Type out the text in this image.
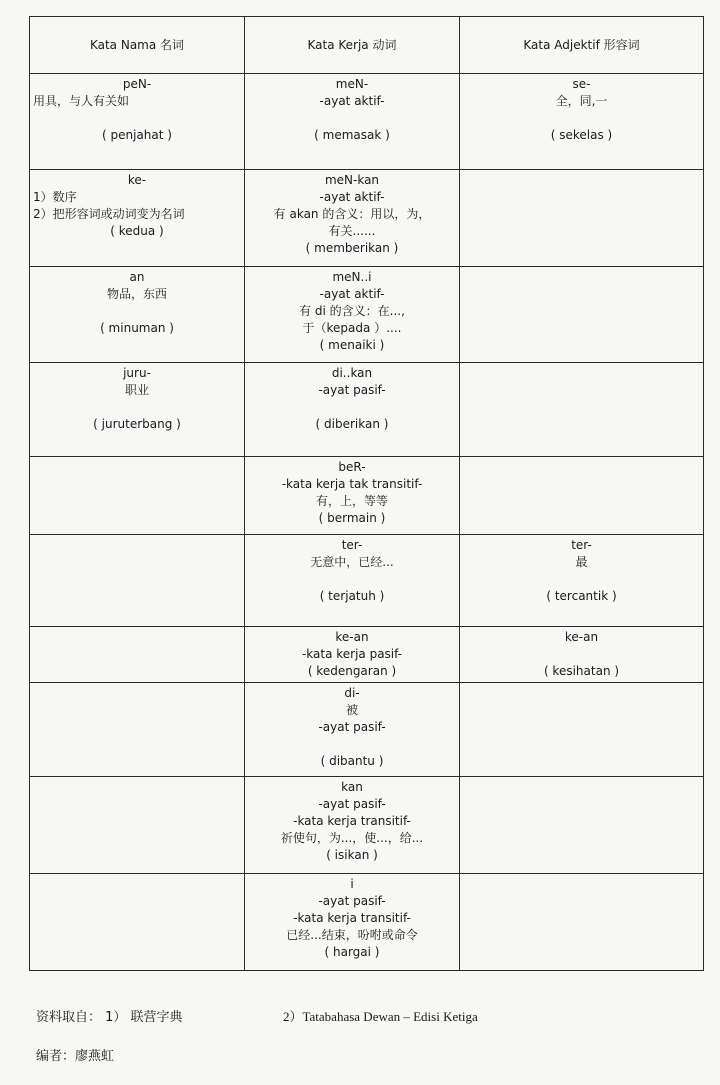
Kata Nama 名词	Kata Kerja 动词	Kata Adjektif 形容词

peN-
用具，与人有关如
( penjahat )	meN-
-ayat aktif-
( memasak )	se-
全，同,一
( sekelas )

ke-
1）数序
2）把形容词或动词变为名词
( kedua )	meN-kan
-ayat aktif-
有 akan 的含义：用以，为，
有关......
( memberikan )	

an
物品，东西
( minuman )	meN..i
-ayat aktif-
有 di 的含义：在...,
于（kepada ）....
( menaiki )	

juru-
职业
( juruterbang )	di..kan
-ayat pasif-
( diberikan )	

	beR-
-kata kerja tak transitif-
有，上，等等
( bermain )	

	ter-
无意中，已经...
( terjatuh )	ter-
最
( tercantik )

	ke-an
-kata kerja pasif-
( kedengaran )	ke-an
( kesihatan )

	di-
被
-ayat pasif-
( dibantu )	

	kan
-ayat pasif-
-kata kerja transitif-
祈使句，为...，使...，给...
( isikan )	

	i
-ayat pasif-
-kata kerja transitif-
已经...结束，吩咐或命令
( hargai )	

资料取自： 1） 联营字典	2）Tatabahasa Dewan – Edisi Ketiga
编者：廖燕虹
